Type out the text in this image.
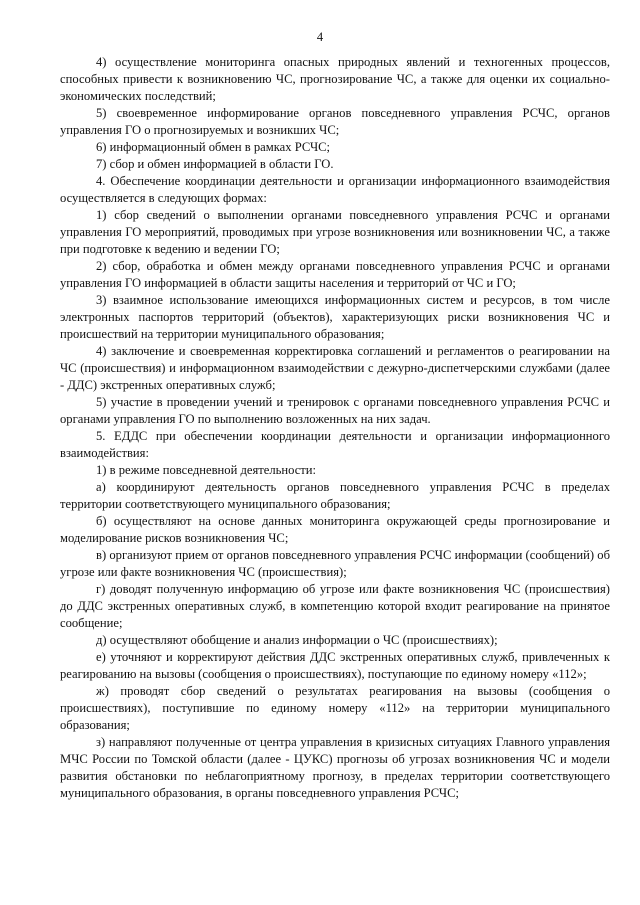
4

4) осуществление мониторинга опасных природных явлений и техногенных процессов, способных привести к возникновению ЧС, прогнозирование ЧС, а также для оценки их социально-экономических последствий;

5) своевременное информирование органов повседневного управления РСЧС, органов управления ГО о прогнозируемых и возникших ЧС;

6) информационный обмен в рамках РСЧС;

7) сбор и обмен информацией в области ГО.

4. Обеспечение координации деятельности и организации информационного взаимодействия осуществляется в следующих формах:

1) сбор сведений о выполнении органами повседневного управления РСЧС и органами управления ГО мероприятий, проводимых при угрозе возникновения или возникновении ЧС, а также при подготовке к ведению и ведении ГО;

2) сбор, обработка и обмен между органами повседневного управления РСЧС и органами управления ГО информацией в области защиты населения и территорий от ЧС и ГО;

3) взаимное использование имеющихся информационных систем и ресурсов, в том числе электронных паспортов территорий (объектов), характеризующих риски возникновения ЧС и происшествий на территории муниципального образования;

4) заключение и своевременная корректировка соглашений и регламентов о реагировании на ЧС (происшествия) и информационном взаимодействии с дежурно-диспетчерскими службами (далее - ДДС) экстренных оперативных служб;

5) участие в проведении учений и тренировок с органами повседневного управления РСЧС и органами управления ГО по выполнению возложенных на них задач.

5. ЕДДС при обеспечении координации деятельности и организации информационного взаимодействия:

1) в режиме повседневной деятельности:

а) координируют деятельность органов повседневного управления РСЧС в пределах территории соответствующего муниципального образования;

б) осуществляют на основе данных мониторинга окружающей среды прогнозирование и моделирование рисков возникновения ЧС;

в) организуют прием от органов повседневного управления РСЧС информации (сообщений) об угрозе или факте возникновения ЧС (происшествия);

г) доводят полученную информацию об угрозе или факте возникновения ЧС (происшествия) до ДДС экстренных оперативных служб, в компетенцию которой входит реагирование на принятое сообщение;

д) осуществляют обобщение и анализ информации о ЧС (происшествиях);

е) уточняют и корректируют действия ДДС экстренных оперативных служб, привлеченных к реагированию на вызовы (сообщения о происшествиях), поступающие по единому номеру «112»;

ж) проводят сбор сведений о результатах реагирования на вызовы (сообщения о происшествиях), поступившие по единому номеру «112» на территории муниципального образования;

з) направляют полученные от центра управления в кризисных ситуациях Главного управления МЧС России по Томской области (далее - ЦУКС) прогнозы об угрозах возникновения ЧС и модели развития обстановки по неблагоприятному прогнозу, в пределах территории соответствующего муниципального образования, в органы повседневного управления РСЧС;
